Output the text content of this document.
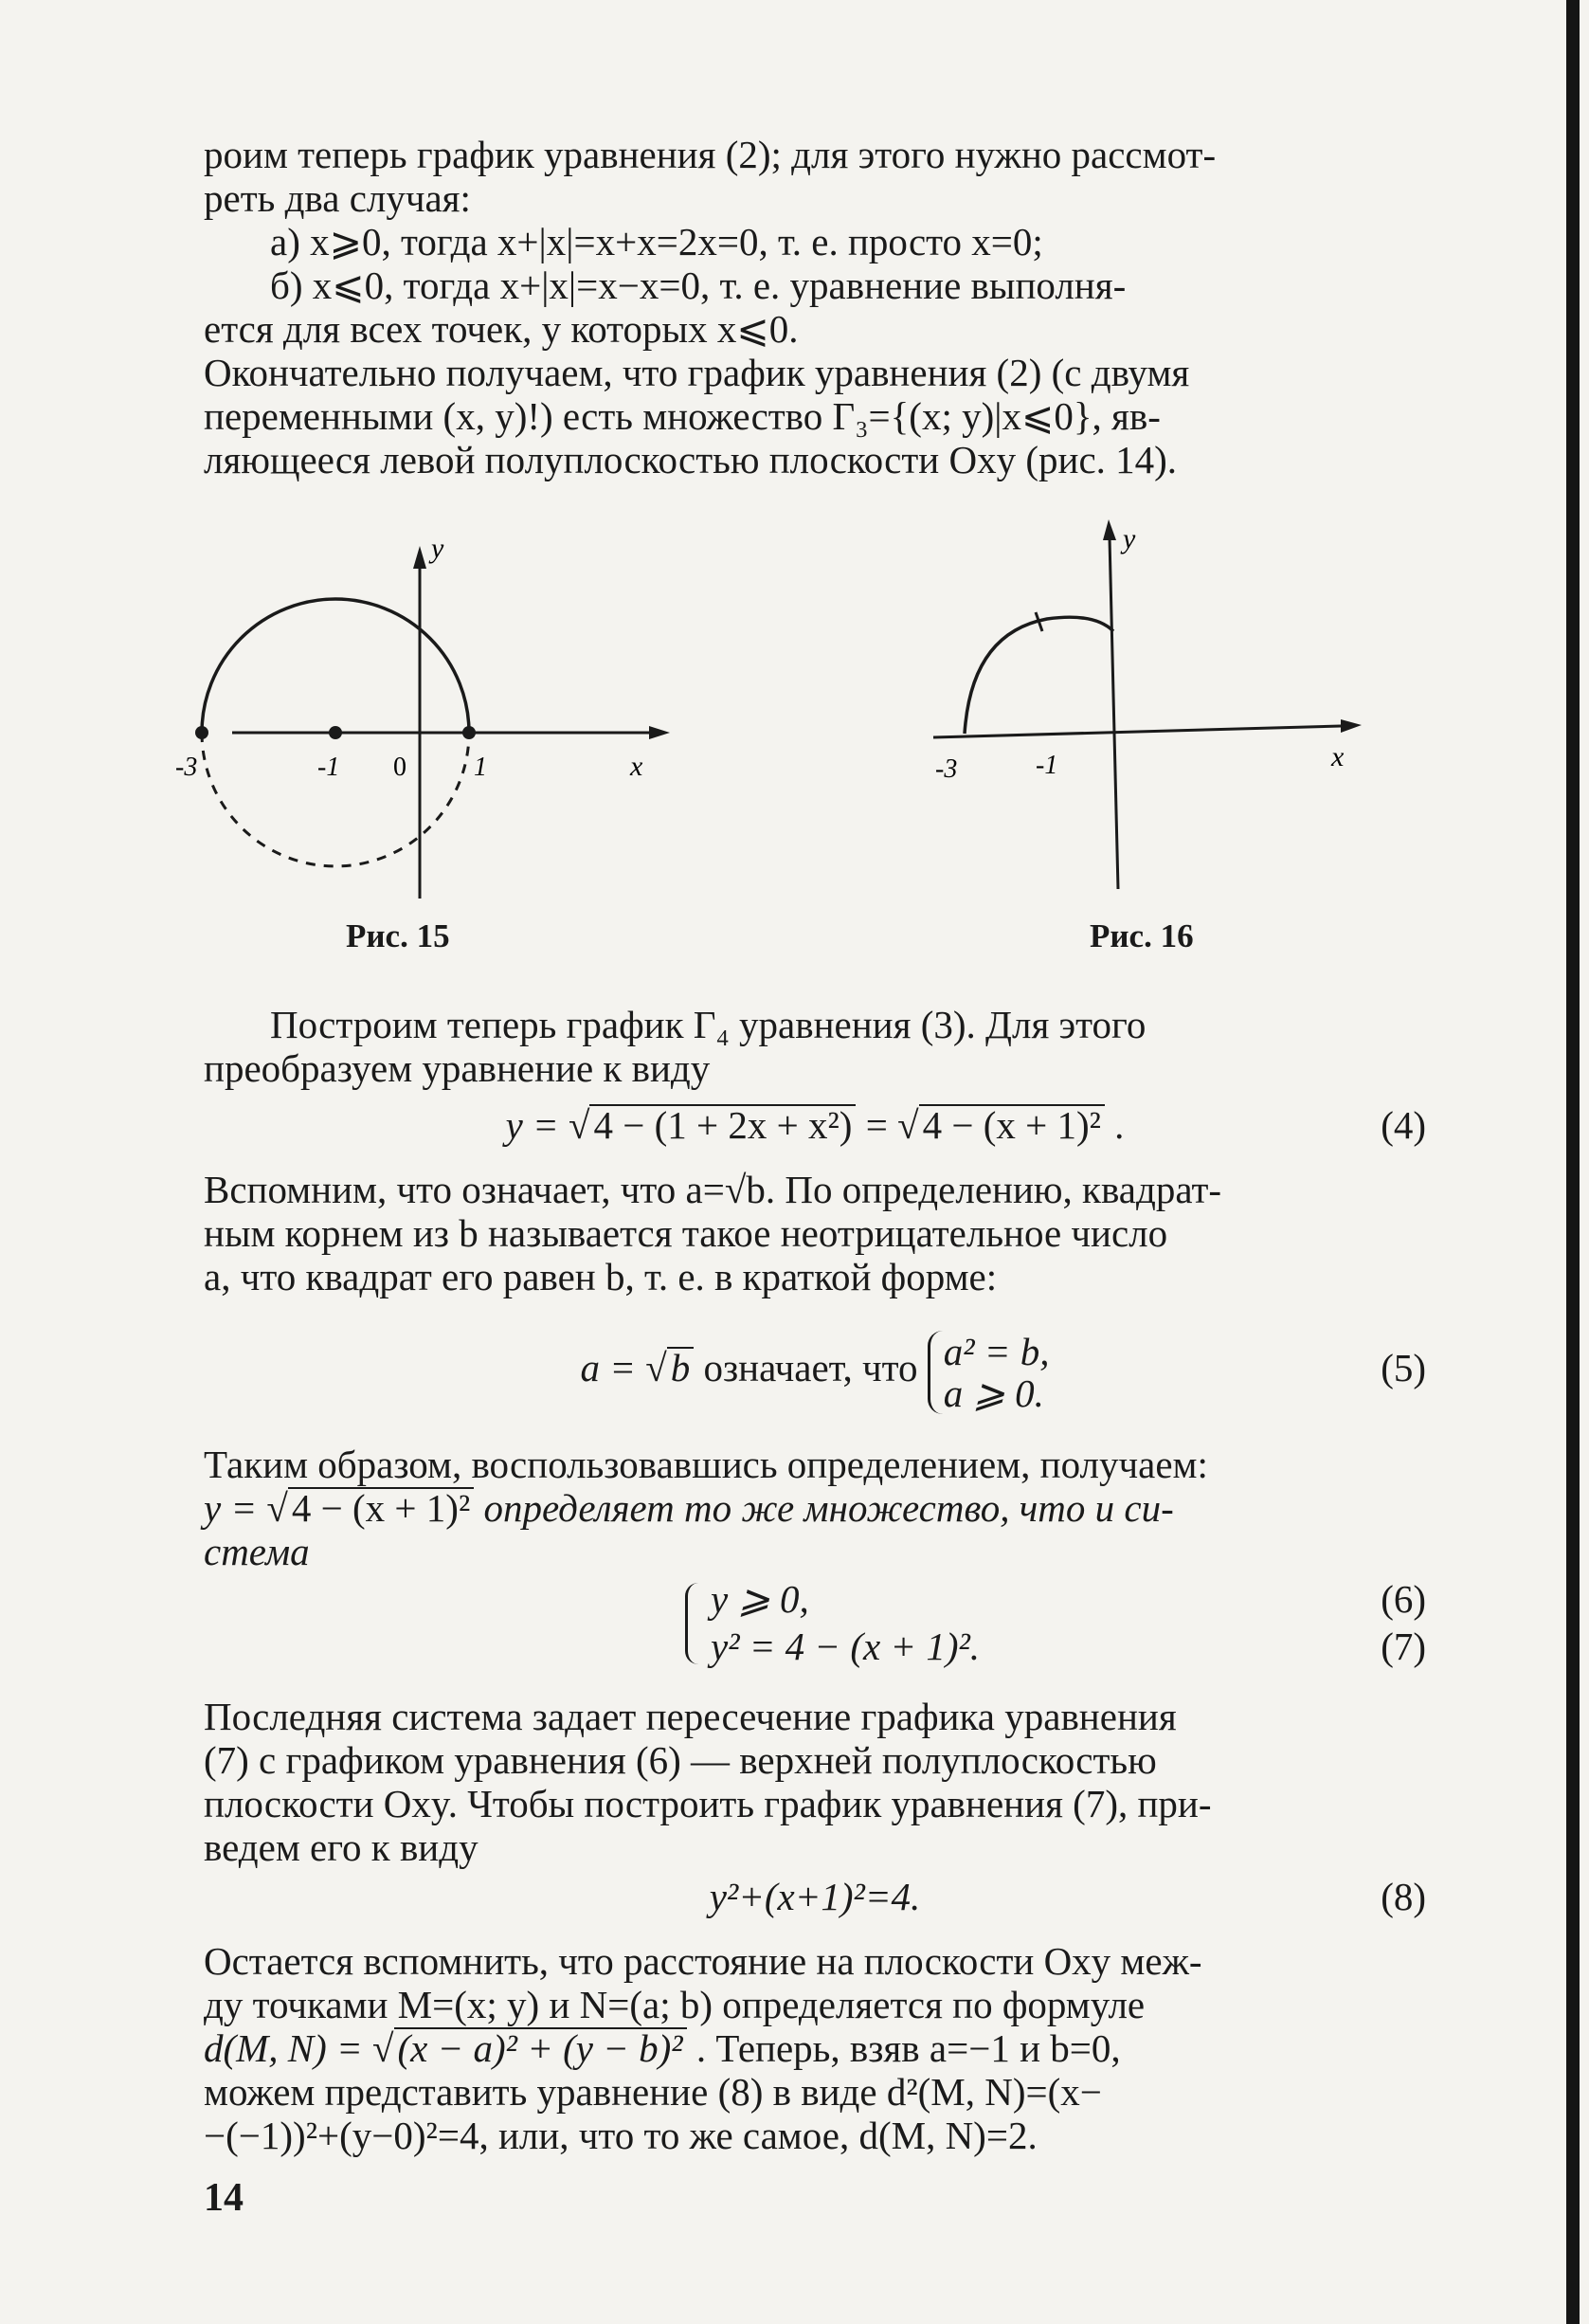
роим теперь график уравнения (2); для этого нужно рассмот-

реть два случая:

а) x⩾0, тогда x+|x|=x+x=2x=0, т. е. просто x=0;

б) x⩽0, тогда x+|x|=x−x=0, т. е. уравнение выполня-

ется для всех точек, у которых x⩽0.

Окончательно получаем, что график уравнения (2) (с двумя

переменными (x, y)!) есть множество Г₃={(x; y)|x⩽0}, яв-

ляющееся левой полуплоскостью плоскости Oxy (рис. 14).

y
x
-3	-1 0	1
Рис. 15
y
x
-3	-1
Рис. 16

Построим теперь график Г₄ уравнения (3). Для этого

преобразуем уравнение к виду

y = √4 − (1 + 2x + x²) = √4 − (x + 1)² .	(4)

Вспомним, что означает, что a=√b. По определению, квадрат-

ным корнем из b называется такое неотрицательное число

a, что квадрат его равен b, т. е. в краткой форме:

a = √b означает, что a² = b,
a ⩾ 0.
(5)

Таким образом, воспользовавшись определением, получаем:

y = √4 − (x + 1)² определяет то же множество, что и си-

стема

y ⩾ 0,	(6)
y² = 4 − (x + 1)².	(7)

Последняя система задает пересечение графика уравнения

(7) с графиком уравнения (6) — верхней полуплоскостью

плоскости Oxy. Чтобы построить график уравнения (7), при-

ведем его к виду

y²+(x+1)²=4.	(8)

Остается вспомнить, что расстояние на плоскости Oxy меж-

ду точками M=(x; y) и N=(a; b) определяется по формуле

d(M, N) = √(x − a)² + (y − b)² . Теперь, взяв a=−1 и b=0,

можем представить уравнение (8) в виде d²(M, N)=(x−

−(−1))²+(y−0)²=4, или, что то же самое, d(M, N)=2.

14
